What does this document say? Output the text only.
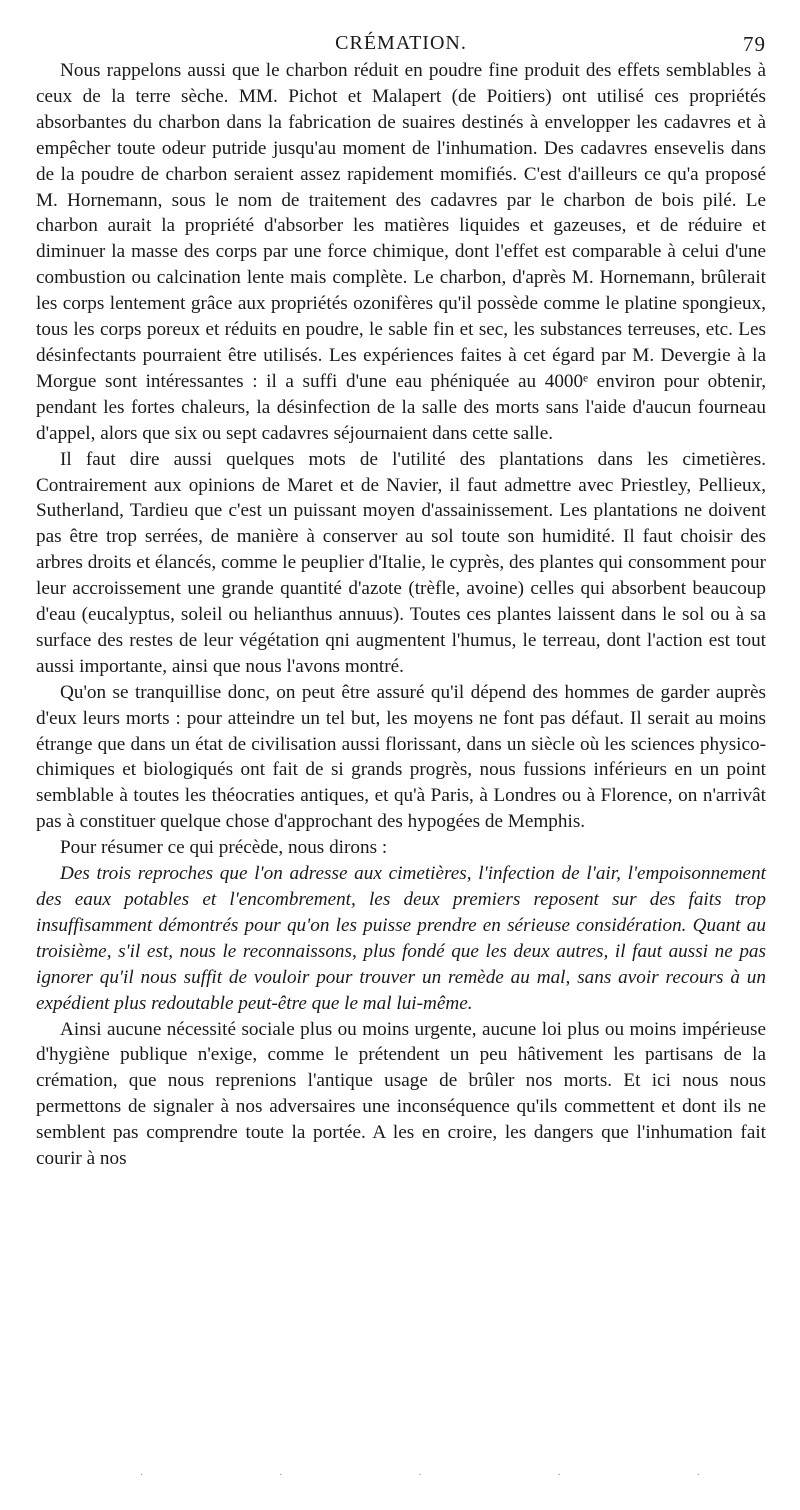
CRÉMATION.	79

Nous rappelons aussi que le charbon réduit en poudre fine produit des effets semblables à ceux de la terre sèche. MM. Pichot et Malapert (de Poitiers) ont utilisé ces propriétés absorbantes du charbon dans la fabrication de suaires destinés à envelopper les cadavres et à empêcher toute odeur putride jusqu'au moment de l'inhumation. Des cadavres ensevelis dans de la poudre de charbon seraient assez rapidement momifiés. C'est d'ailleurs ce qu'a proposé M. Hornemann, sous le nom de traitement des cadavres par le charbon de bois pilé. Le charbon aurait la propriété d'absorber les matières liquides et gazeuses, et de réduire et diminuer la masse des corps par une force chimique, dont l'effet est comparable à celui d'une combustion ou calcination lente mais complète. Le charbon, d'après M. Hornemann, brûlerait les corps lentement grâce aux propriétés ozonifères qu'il possède comme le platine spongieux, tous les corps poreux et réduits en poudre, le sable fin et sec, les substances terreuses, etc. Les désinfectants pourraient être utilisés. Les expériences faites à cet égard par M. Devergie à la Morgue sont intéressantes : il a suffi d'une eau phéniquée au 4000ᵉ environ pour obtenir, pendant les fortes chaleurs, la désinfection de la salle des morts sans l'aide d'aucun fourneau d'appel, alors que six ou sept cadavres séjournaient dans cette salle.

Il faut dire aussi quelques mots de l'utilité des plantations dans les cimetières. Contrairement aux opinions de Maret et de Navier, il faut admettre avec Priestley, Pellieux, Sutherland, Tardieu que c'est un puissant moyen d'assainissement. Les plantations ne doivent pas être trop serrées, de manière à conserver au sol toute son humidité. Il faut choisir des arbres droits et élancés, comme le peuplier d'Italie, le cyprès, des plantes qui consomment pour leur accroissement une grande quantité d'azote (trèfle, avoine) celles qui absorbent beaucoup d'eau (eucalyptus, soleil ou helianthus annuus). Toutes ces plantes laissent dans le sol ou à sa surface des restes de leur végétation qni augmentent l'humus, le terreau, dont l'action est tout aussi importante, ainsi que nous l'avons montré.

Qu'on se tranquillise donc, on peut être assuré qu'il dépend des hommes de garder auprès d'eux leurs morts : pour atteindre un tel but, les moyens ne font pas défaut. Il serait au moins étrange que dans un état de civilisation aussi florissant, dans un siècle où les sciences physico-chimiques et biologiqués ont fait de si grands progrès, nous fussions inférieurs en un point semblable à toutes les théocraties antiques, et qu'à Paris, à Londres ou à Florence, on n'arrivât pas à constituer quelque chose d'approchant des hypogées de Memphis.

Pour résumer ce qui précède, nous dirons :

Des trois reproches que l'on adresse aux cimetières, l'infection de l'air, l'empoisonnement des eaux potables et l'encombrement, les deux premiers reposent sur des faits trop insuffisamment démontrés pour qu'on les puisse prendre en sérieuse considération. Quant au troisième, s'il est, nous le reconnaissons, plus fondé que les deux autres, il faut aussi ne pas ignorer qu'il nous suffit de vouloir pour trouver un remède au mal, sans avoir recours à un expédient plus redoutable peut-être que le mal lui-même.

Ainsi aucune nécessité sociale plus ou moins urgente, aucune loi plus ou moins impérieuse d'hygiène publique n'exige, comme le prétendent un peu hâtivement les partisans de la crémation, que nous reprenions l'antique usage de brûler nos morts. Et ici nous nous permettons de signaler à nos adversaires une inconséquence qu'ils commettent et dont ils ne semblent pas comprendre toute la portée. A les en croire, les dangers que l'inhumation fait courir à nos

·	·	·	·	·
